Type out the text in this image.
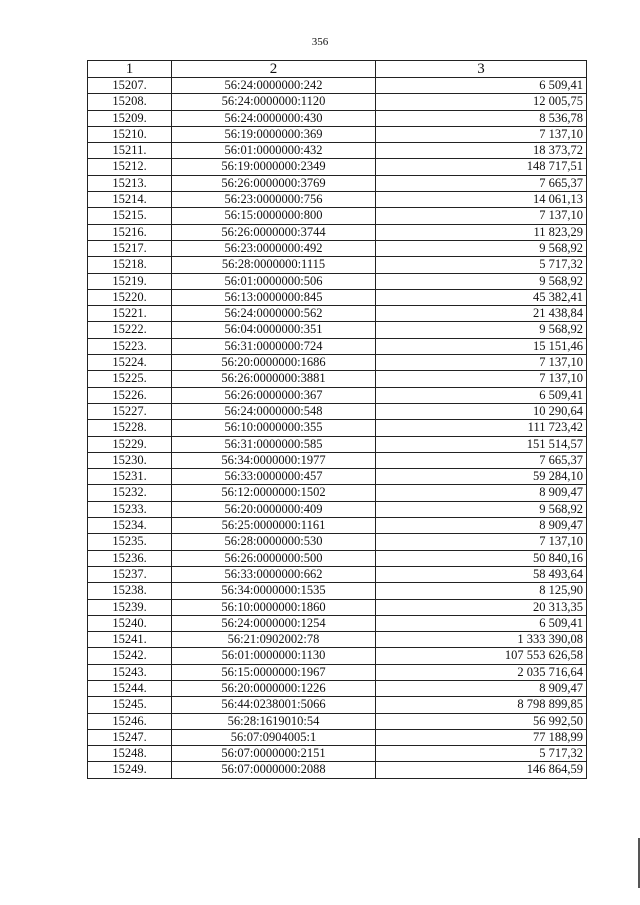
356
1	2	3
15207.	56:24:0000000:242	6 509,41
15208.	56:24:0000000:1120	12 005,75
15209.	56:24:0000000:430	8 536,78
15210.	56:19:0000000:369	7 137,10
15211.	56:01:0000000:432	18 373,72
15212.	56:19:0000000:2349	148 717,51
15213.	56:26:0000000:3769	7 665,37
15214.	56:23:0000000:756	14 061,13
15215.	56:15:0000000:800	7 137,10
15216.	56:26:0000000:3744	11 823,29
15217.	56:23:0000000:492	9 568,92
15218.	56:28:0000000:1115	5 717,32
15219.	56:01:0000000:506	9 568,92
15220.	56:13:0000000:845	45 382,41
15221.	56:24:0000000:562	21 438,84
15222.	56:04:0000000:351	9 568,92
15223.	56:31:0000000:724	15 151,46
15224.	56:20:0000000:1686	7 137,10
15225.	56:26:0000000:3881	7 137,10
15226.	56:26:0000000:367	6 509,41
15227.	56:24:0000000:548	10 290,64
15228.	56:10:0000000:355	111 723,42
15229.	56:31:0000000:585	151 514,57
15230.	56:34:0000000:1977	7 665,37
15231.	56:33:0000000:457	59 284,10
15232.	56:12:0000000:1502	8 909,47
15233.	56:20:0000000:409	9 568,92
15234.	56:25:0000000:1161	8 909,47
15235.	56:28:0000000:530	7 137,10
15236.	56:26:0000000:500	50 840,16
15237.	56:33:0000000:662	58 493,64
15238.	56:34:0000000:1535	8 125,90
15239.	56:10:0000000:1860	20 313,35
15240.	56:24:0000000:1254	6 509,41
15241.	56:21:0902002:78	1 333 390,08
15242.	56:01:0000000:1130	107 553 626,58
15243.	56:15:0000000:1967	2 035 716,64
15244.	56:20:0000000:1226	8 909,47
15245.	56:44:0238001:5066	8 798 899,85
15246.	56:28:1619010:54	56 992,50
15247.	56:07:0904005:1	77 188,99
15248.	56:07:0000000:2151	5 717,32
15249.	56:07:0000000:2088	146 864,59
